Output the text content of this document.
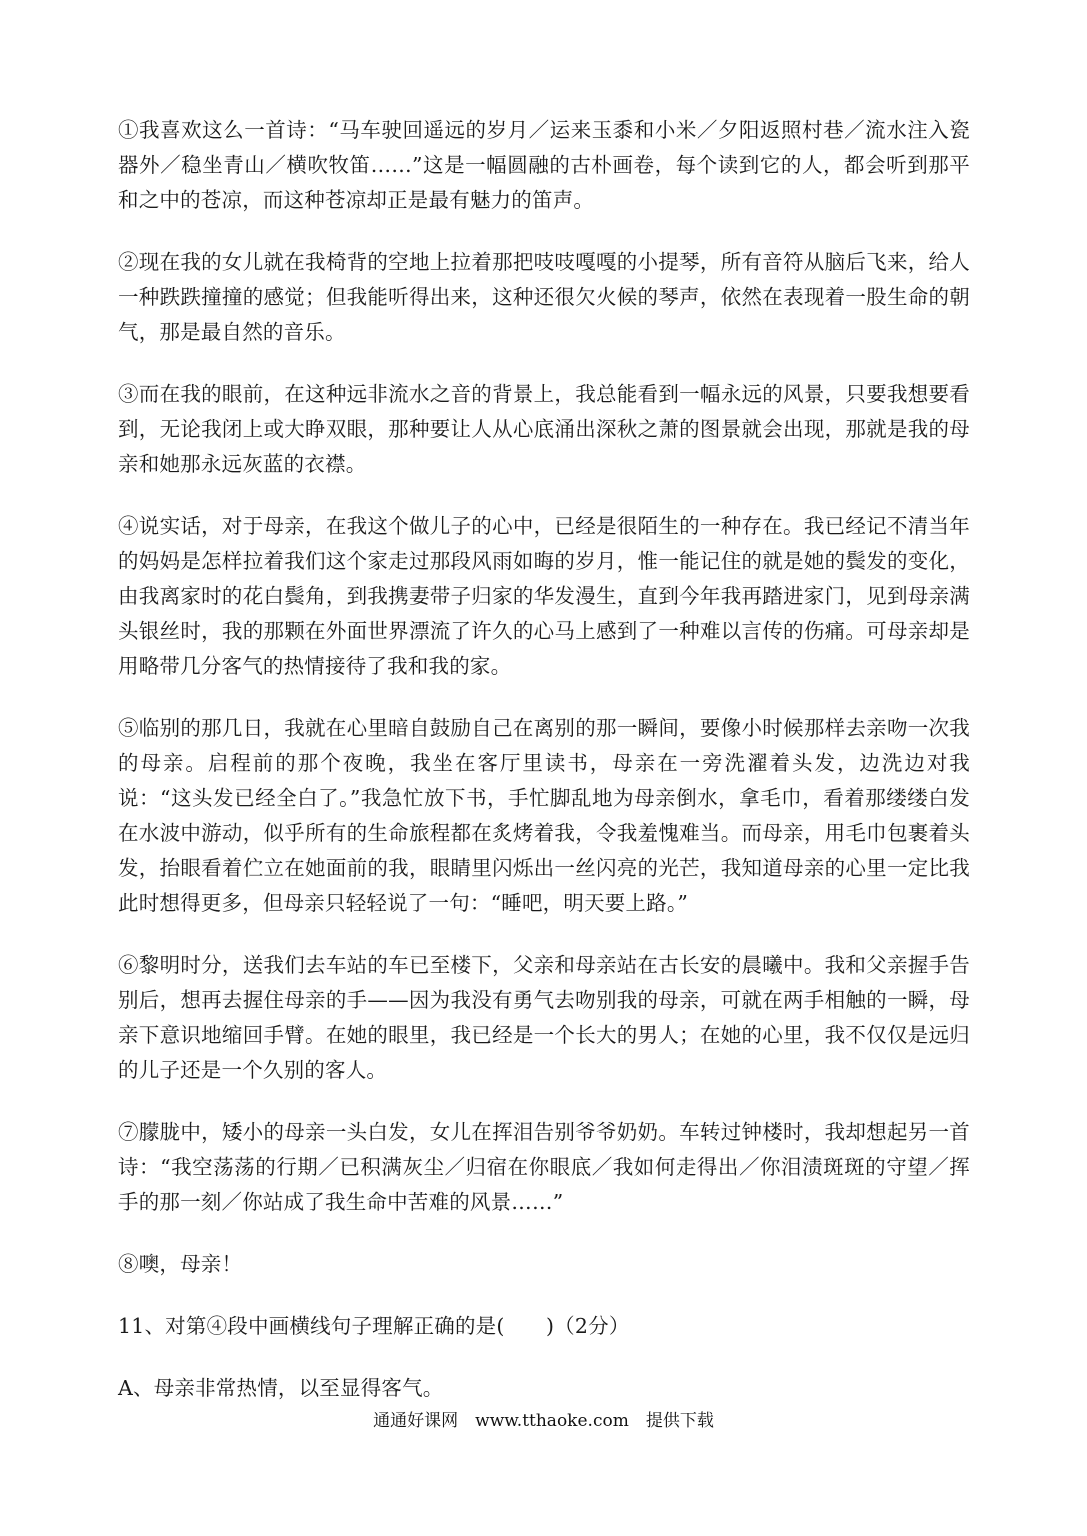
①我喜欢这么一首诗：“马车驶回遥远的岁月／运来玉黍和小米／夕阳返照村巷／流水注入瓷器外／稳坐青山／横吹牧笛……”这是一幅圆融的古朴画卷，每个读到它的人，都会听到那平和之中的苍凉，而这种苍凉却正是最有魅力的笛声。

②现在我的女儿就在我椅背的空地上拉着那把吱吱嘎嘎的小提琴，所有音符从脑后飞来，给人一种跌跌撞撞的感觉；但我能听得出来，这种还很欠火候的琴声，依然在表现着一股生命的朝气，那是最自然的音乐。

③而在我的眼前，在这种远非流水之音的背景上，我总能看到一幅永远的风景，只要我想要看到，无论我闭上或大睁双眼，那种要让人从心底涌出深秋之萧的图景就会出现，那就是我的母亲和她那永远灰蓝的衣襟。

④说实话，对于母亲，在我这个做儿子的心中，已经是很陌生的一种存在。我已经记不清当年的妈妈是怎样拉着我们这个家走过那段风雨如晦的岁月，惟一能记住的就是她的鬓发的变化，由我离家时的花白鬓角，到我携妻带子归家的华发漫生，直到今年我再踏进家门，见到母亲满头银丝时，我的那颗在外面世界漂流了许久的心马上感到了一种难以言传的伤痛。可母亲却是用略带几分客气的热情接待了我和我的家。

⑤临别的那几日，我就在心里暗自鼓励自己在离别的那一瞬间，要像小时候那样去亲吻一次我的母亲。启程前的那个夜晚，我坐在客厅里读书，母亲在一旁洗濯着头发，边洗边对我说：“这头发已经全白了。”我急忙放下书，手忙脚乱地为母亲倒水，拿毛巾，看着那缕缕白发在水波中游动，似乎所有的生命旅程都在炙烤着我，令我羞愧难当。而母亲，用毛巾包裹着头发，抬眼看着伫立在她面前的我，眼睛里闪烁出一丝闪亮的光芒，我知道母亲的心里一定比我此时想得更多，但母亲只轻轻说了一句：“睡吧，明天要上路。”

⑥黎明时分，送我们去车站的车已至楼下，父亲和母亲站在古长安的晨曦中。我和父亲握手告别后，想再去握住母亲的手——因为我没有勇气去吻别我的母亲，可就在两手相触的一瞬，母亲下意识地缩回手臂。在她的眼里，我已经是一个长大的男人；在她的心里，我不仅仅是远归的儿子还是一个久别的客人。

⑦朦胧中，矮小的母亲一头白发，女儿在挥泪告别爷爷奶奶。车转过钟楼时，我却想起另一首诗：“我空荡荡的行期／已积满灰尘／归宿在你眼底／我如何走得出／你泪渍斑斑的守望／挥手的那一刻／你站成了我生命中苦难的风景……”

⑧噢，母亲！

11、对第④段中画横线句子理解正确的是(　　)（2分）

A、母亲非常热情，以至显得客气。

通通好课网　www.tthaoke.com　提供下载
